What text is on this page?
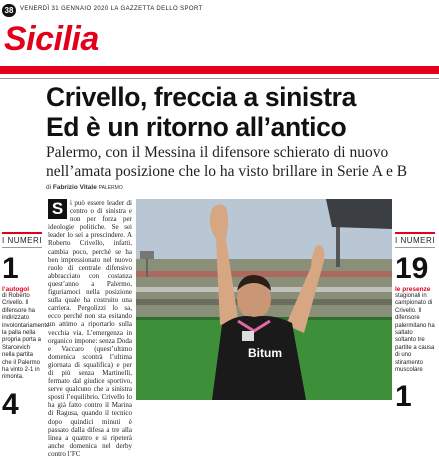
38	VENERDÌ 31 GENNAIO 2020 LA GAZZETTA DELLO SPORT
Sicilia
Crivello, freccia a sinistra
Ed è un ritorno all’antico
Palermo, con il Messina il difensore schierato di nuovo nell’amata posizione che lo ha visto brillare in Serie A e B
di Fabrizio Vitale PALERMO
I NUMERI
1
l’autogol
di Roberto Crivello. Il difensore ha indirizzato involontariamente la palla nella propria porta a Starcevich nella partita che il Palermo ha vinto 2-1 in rimonta.
4
S i può essere leader di centro o di sinistra e non per forza per ideologie politiche. Se sei leader lo sei a prescindere. A Roberto Crivello, infatti, cambia poco, perché se ha ben impressionato nel nuovo ruolo di centrale difensivo abbracciato con costanza quest’anno a Palermo, figuriamoci nella posizione sulla quale ha costruito una carriera. Pergolizzi lo sa, ecco perché non sta esitando un attimo a riportarlo sulla vecchia via. L’emergenza in organico impone: senza Doda e Vaccaro (quest’ultimo domenica scontrà l’ultima giornata di squalifica) e per di più senza Martinelli, fermato dal giudice sportivo, serve qualcuno che a sinistra sposti l’equilibrio. Crivello lo ha già fatto contro il Marina di Ragusa, quando il tecnico dopo quindici minuti è passato dalla difesa a tre alla linea a quattro e si ripeterà anche domenica nel derby contro l’FC
Bitum
I NUMERI
19
le presenze
stagionali in campionato di Crivello. Il difensore palermitano ha saltato soltanto tre partite a causa di uno stiramento muscolare
1
